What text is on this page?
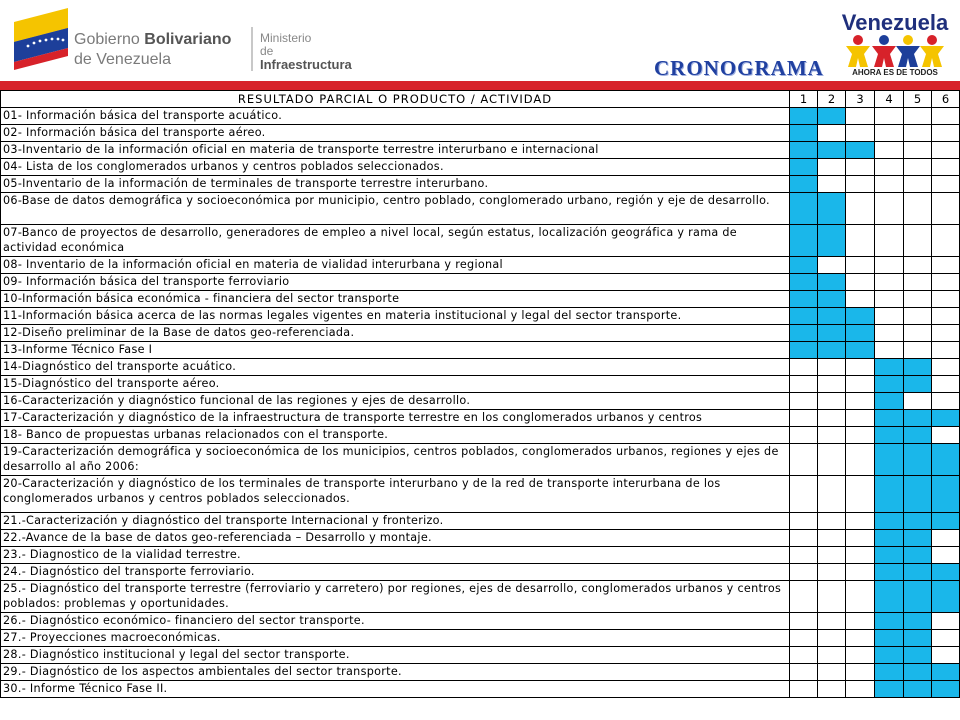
Gobierno Bolivariano
de Venezuela
Ministerio
de
Infraestructura	CRONOGRAMA
Venezuela
AHORA ES DE TODOS
RESULTADO PARCIAL O PRODUCTO / ACTIVIDAD	1	2	3	4	5	6
01- Información básica del transporte acuático.						
02- Información básica del transporte aéreo.						
03-Inventario de la información oficial en materia de transporte terrestre interurbano e internacional						
04- Lista de los conglomerados urbanos y centros poblados seleccionados.						
05-Inventario de la información de terminales de transporte terrestre interurbano.						
06-Base de datos demográfica y socioeconómica por municipio, centro poblado, conglomerado urbano, región y eje de desarrollo.						
07-Banco de proyectos de desarrollo, generadores de empleo a nivel local, según estatus, localización geográfica y rama de actividad económica						
08- Inventario de la información oficial en materia de vialidad interurbana y regional						
09- Información básica del transporte ferroviario						
10-Información básica económica - financiera del sector transporte						
11-Información básica acerca de las normas legales vigentes en materia institucional y legal del sector transporte.						
12-Diseño preliminar de la Base de datos geo-referenciada.						
13-Informe Técnico Fase I						
14-Diagnóstico del transporte acuático.						
15-Diagnóstico del transporte aéreo.						
16-Caracterización y diagnóstico funcional de las regiones y ejes de desarrollo.						
17-Caracterización y diagnóstico de la infraestructura de transporte terrestre en los conglomerados urbanos y centros						
18- Banco de propuestas urbanas relacionados con el transporte.						
19-Caracterización demográfica y socioeconómica de los municipios, centros poblados, conglomerados urbanos, regiones y ejes de desarrollo al año 2006:						
20-Caracterización y diagnóstico de los terminales de transporte interurbano y de la red de transporte interurbana de los conglomerados urbanos y centros poblados seleccionados.						
21.-Caracterización y diagnóstico del transporte Internacional y fronterizo.						
22.-Avance de la base de datos geo-referenciada – Desarrollo y montaje.						
23.- Diagnostico de la vialidad terrestre.						
24.- Diagnóstico del transporte ferroviario.						
25.- Diagnóstico del transporte terrestre (ferroviario y carretero) por regiones, ejes de desarrollo, conglomerados urbanos y centros poblados: problemas y oportunidades.						
26.- Diagnóstico económico- financiero del sector transporte.						
27.- Proyecciones macroeconómicas.						
28.- Diagnóstico institucional y legal del sector transporte.						
29.- Diagnóstico de los aspectos ambientales del sector transporte.						
30.- Informe Técnico Fase II.						
